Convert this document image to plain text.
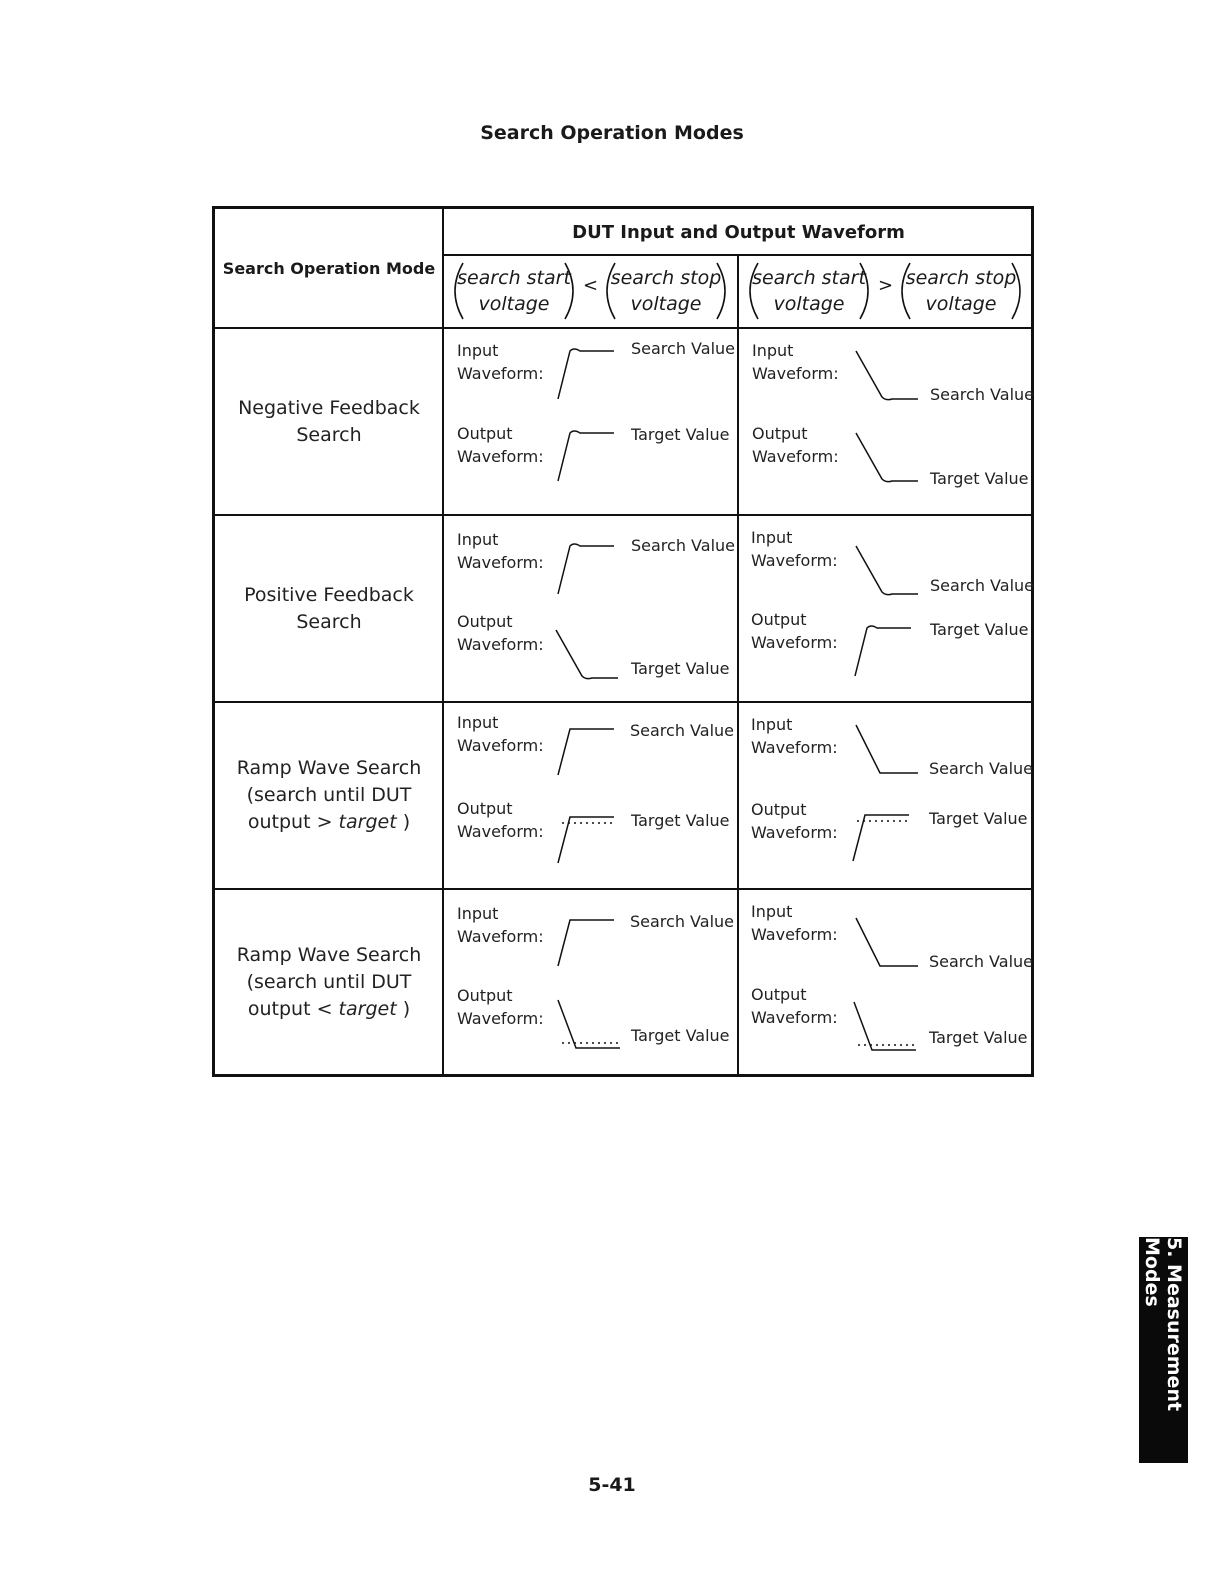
Search Operation Modes
Search Operation Mode
DUT Input and Output Waveform
search start
voltage
< search stop
voltage
search start
voltage
> search stop
voltage
Negative Feedback
Search
Positive Feedback
Search
Ramp Wave Search
(search until DUT
output > target )
Ramp Wave Search
(search until DUT
output < target )
Input
Waveform:
Search Value
Output
Waveform:
Target Value
Input
Waveform:
Search Value
Output
Waveform:
Target Value
Input
Waveform:
Search Value
Output
Waveform:
Target Value
Input
Waveform:
Search Value
Output
Waveform:
Target Value
Input
Waveform:
Search Value
Output
Waveform:
Target Value
Input
Waveform:
Search Value
Output
Waveform:
Target Value
Input
Waveform:
Search Value
Output
Waveform:
Target Value
Input
Waveform:
Search Value
Output
Waveform:
Target Value
5-41
5. Measurement
Modes
